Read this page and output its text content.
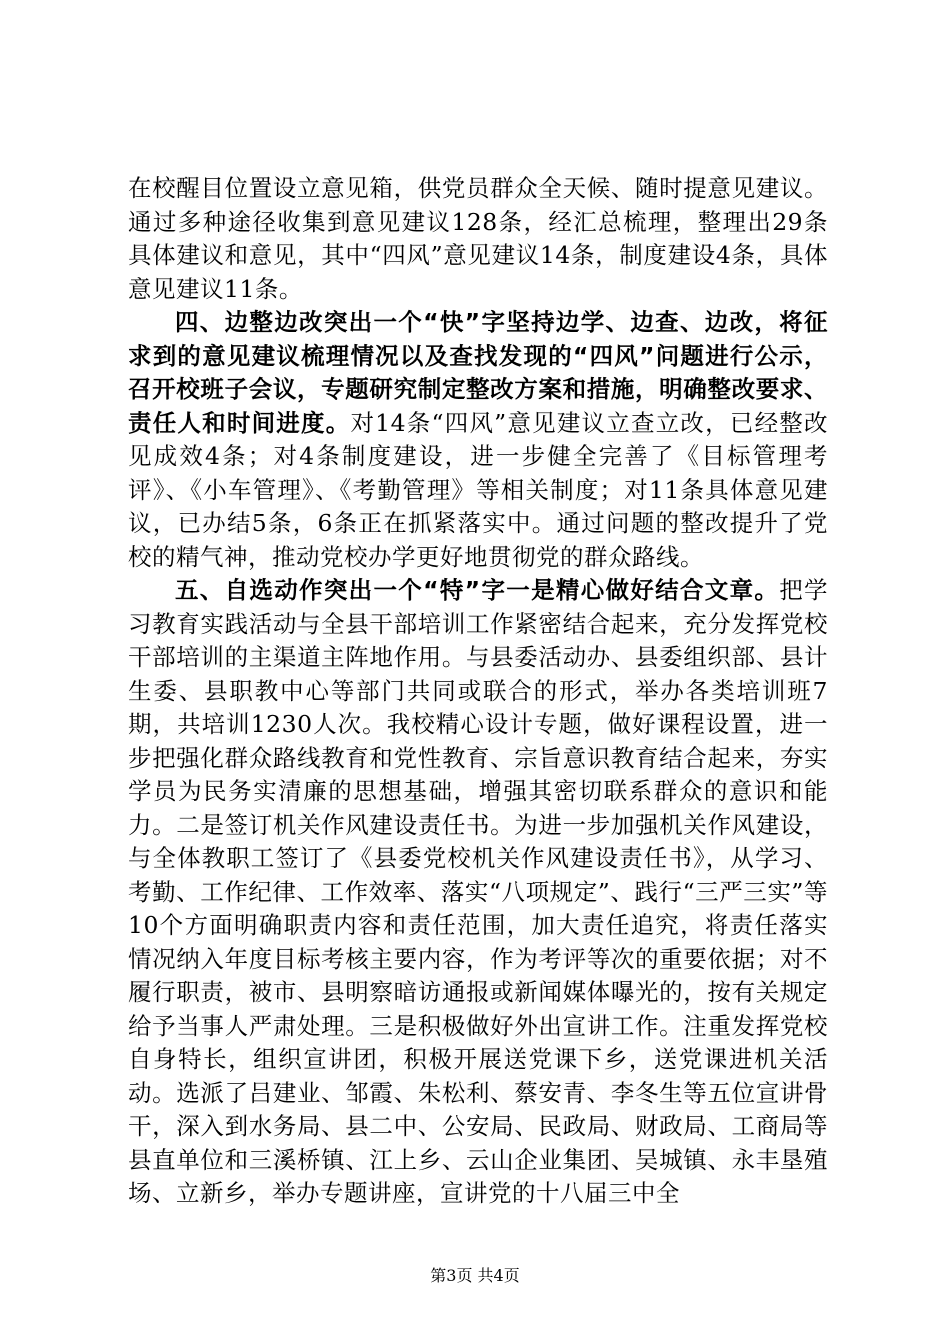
在校醒目位置设立意见箱，供党员群众全天候、随时提意见建议。通过多种途径收集到意见建议128条，经汇总梳理，整理出29条具体建议和意见，其中“四风”意见建议14条，制度建设4条，具体意见建议11条。

四、边整边改突出一个“快”字坚持边学、边查、边改，将征求到的意见建议梳理情况以及查找发现的“四风”问题进行公示，召开校班子会议，专题研究制定整改方案和措施，明确整改要求、责任人和时间进度。对14条“四风”意见建议立查立改，已经整改见成效4条；对4条制度建设，进一步健全完善了《目标管理考评》、《小车管理》、《考勤管理》等相关制度；对11条具体意见建议，已办结5条，6条正在抓紧落实中。通过问题的整改提升了党校的精气神，推动党校办学更好地贯彻党的群众路线。

五、自选动作突出一个“特”字一是精心做好结合文章。把学习教育实践活动与全县干部培训工作紧密结合起来，充分发挥党校干部培训的主渠道主阵地作用。与县委活动办、县委组织部、县计生委、县职教中心等部门共同或联合的形式，举办各类培训班7期，共培训1230人次。我校精心设计专题，做好课程设置，进一步把强化群众路线教育和党性教育、宗旨意识教育结合起来，夯实学员为民务实清廉的思想基础，增强其密切联系群众的意识和能力。二是签订机关作风建设责任书。为进一步加强机关作风建设，与全体教职工签订了《县委党校机关作风建设责任书》，从学习、考勤、工作纪律、工作效率、落实“八项规定”、践行“三严三实”等10个方面明确职责内容和责任范围，加大责任追究，将责任落实情况纳入年度目标考核主要内容，作为考评等次的重要依据；对不履行职责，被市、县明察暗访通报或新闻媒体曝光的，按有关规定给予当事人严肃处理。三是积极做好外出宣讲工作。注重发挥党校自身特长，组织宣讲团，积极开展送党课下乡，送党课进机关活动。选派了吕建业、邹霞、朱松利、蔡安青、李冬生等五位宣讲骨干，深入到水务局、县二中、公安局、民政局、财政局、工商局等县直单位和三溪桥镇、江上乡、云山企业集团、吴城镇、永丰垦殖场、立新乡，举办专题讲座，宣讲党的十八届三中全

第3页 共4页
